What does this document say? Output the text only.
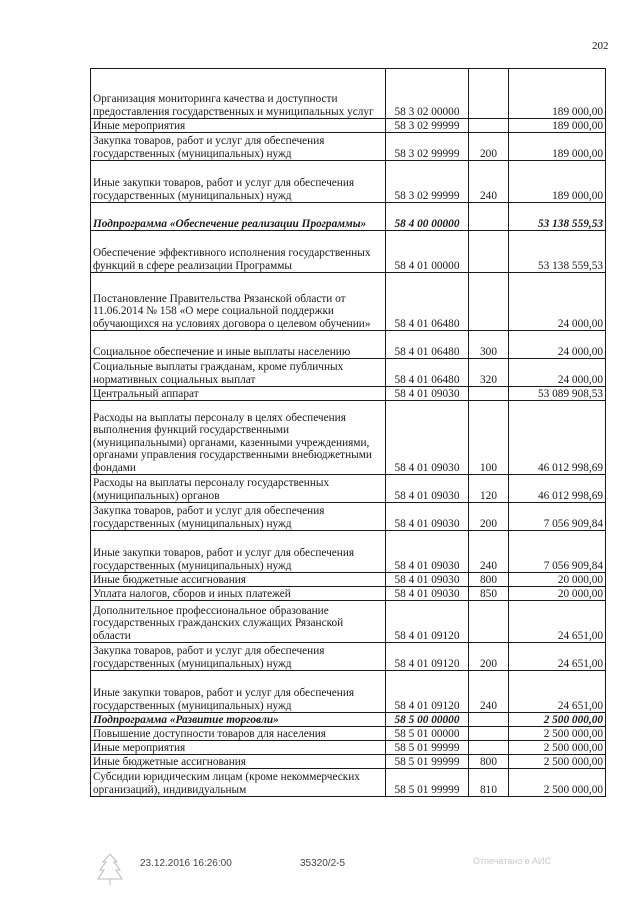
202
Организация мониторинга качества и доступности предоставления государственных и муниципальных услуг	58 3 02 00000		189 000,00
Иные мероприятия	58 3 02 99999		189 000,00
Закупка товаров, работ и услуг для обеспечения государственных (муниципальных) нужд	58 3 02 99999	200	189 000,00
Иные закупки товаров, работ и услуг для обеспечения государственных (муниципальных) нужд	58 3 02 99999	240	189 000,00
Подпрограмма «Обеспечение реализации Программы»	58 4 00 00000		53 138 559,53
Обеспечение эффективного исполнения государственных функций в сфере реализации Программы	58 4 01 00000		53 138 559,53
Постановление Правительства Рязанской области от 11.06.2014 № 158 «О мере социальной поддержки обучающихся на условиях договора о целевом обучении»	58 4 01 06480		24 000,00
Социальное обеспечение и иные выплаты населению	58 4 01 06480	300	24 000,00
Социальные выплаты гражданам, кроме публичных нормативных социальных выплат	58 4 01 06480	320	24 000,00
Центральный аппарат	58 4 01 09030		53 089 908,53
Расходы на выплаты персоналу в целях обеспечения выполнения функций государственными (муниципальными) органами, казенными учреждениями, органами управления государственными внебюджетными фондами	58 4 01 09030	100	46 012 998,69
Расходы на выплаты персоналу государственных (муниципальных) органов	58 4 01 09030	120	46 012 998,69
Закупка товаров, работ и услуг для обеспечения государственных (муниципальных) нужд	58 4 01 09030	200	7 056 909,84
Иные закупки товаров, работ и услуг для обеспечения государственных (муниципальных) нужд	58 4 01 09030	240	7 056 909,84
Иные бюджетные ассигнования	58 4 01 09030	800	20 000,00
Уплата налогов, сборов и иных платежей	58 4 01 09030	850	20 000,00
Дополнительное профессиональное образование государственных гражданских служащих Рязанской области	58 4 01 09120		24 651,00
Закупка товаров, работ и услуг для обеспечения государственных (муниципальных) нужд	58 4 01 09120	200	24 651,00
Иные закупки товаров, работ и услуг для обеспечения государственных (муниципальных) нужд	58 4 01 09120	240	24 651,00
Подпрограмма «Развитие торговли»	58 5 00 00000		2 500 000,00
Повышение доступности товаров для населения	58 5 01 00000		2 500 000,00
Иные мероприятия	58 5 01 99999		2 500 000,00
Иные бюджетные ассигнования	58 5 01 99999	800	2 500 000,00
Субсидии юридическим лицам (кроме некоммерческих организаций), индивидуальным	58 5 01 99999	810	2 500 000,00
23.12.2016 16:26:00	35320/2-5	Отпечатано в АИС
